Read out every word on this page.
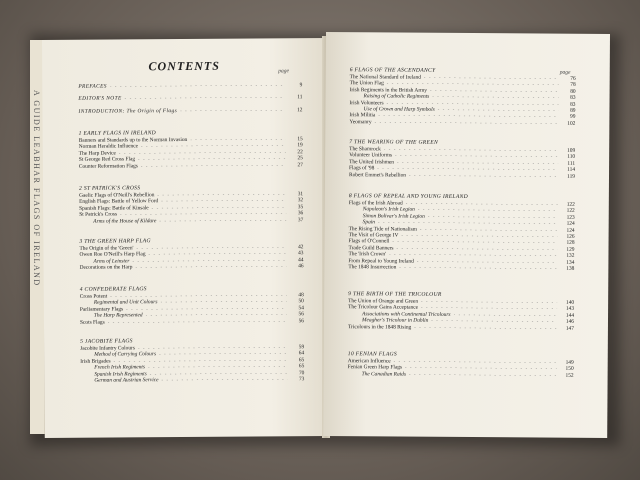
A GUIDE LEABHAR FLAGS OF IRELAND
CONTENTS	page
PREFACES - - -	9
EDITOR'S NOTE - - -	11
INTRODUCTION: The Origin of Flags - - -	12
1 EARLY FLAGS IN IRELAND
Banners and Standards up to the Norman Invasion - - -	15
Norman Heraldic Influence - - -	19
The Harp Device - - -	22
St George Red Cross Flag - - -	25
Counter Reformation Flags - - -	27
2 ST PATRICK'S CROSS
Gaelic Flags of O'Neill's Rebellion - - -	31
English Flags: Battle of Yellow Ford - - -	32
Spanish Flags: Battle of Kinsale - - -	35
St Patrick's Cross - - -	36
Arms of the House of Kildare - - -	37
3 THE GREEN HARP FLAG
The Origin of the 'Green' - - -	42
Owen Roe O'Neill's Harp Flag - - -	43
Arms of Leinster - - -	44
Decorations on the Harp - - -	46
4 CONFEDERATE FLAGS
Cross Potent - - -	48
Regimental and Unit Colours - - -	50
Parliamentary Flags - - -	54
The Harp Represented - - -	56
Scots Flags - - -	56
5 JACOBITE FLAGS
Jacobite Infantry Colours - - -	59
Method of Carrying Colours - - -	64
Irish Brigades - - -	65
French Irish Regiments - - -	65
Spanish Irish Regiments - - -	70
German and Austrian Service - - -	73
page
6 FLAGS OF THE ASCENDANCY
The National Standard of Ireland - - -	76
The Union Flag - - -	78
Irish Regiments in the British Army - - -	80
Raising of Catholic Regiments - - -	83
Irish Volunteers - - -	83
Use of Crown and Harp Symbols - - -	89
Irish Militia - - -	99
Yeomanry - - -	102
7 THE WEARING OF THE GREEN
The Shamrock - - -	109
Volunteer Uniforms - - -	110
The United Irishmen - - -	111
Flags of '98 - - -	114
Robert Emmet's Rebellion - - -	119
8 FLAGS OF REPEAL AND YOUNG IRELAND
Flags of the Irish Abroad - - -	122
Napoleon's Irish Legion - - -	122
Simon Bolivar's Irish Legion - - -	123
Spain - - -	124
The Rising Tide of Nationalism - - -	124
The Visit of George IV - - -	126
Flags of O'Connell - - -	128
Trade Guild Banners - - -	129
The 'Irish Crown' - - -	132
From Repeal to Young Ireland - - -	134
The 1848 Insurrection - - -	138
9 THE BIRTH OF THE TRICOLOUR
The Union of Orange and Green - - -	140
The Tricolour Gains Acceptance - - -	143
Associations with Continental Tricolours - - -	144
Meagher's Tricolour in Dublin - - -	146
Tricolours in the 1848 Rising - - -	147
10 FENIAN FLAGS
American Influence - - -	149
Fenian Green Harp Flags - - -	150
The Canadian Raids - - -	152
